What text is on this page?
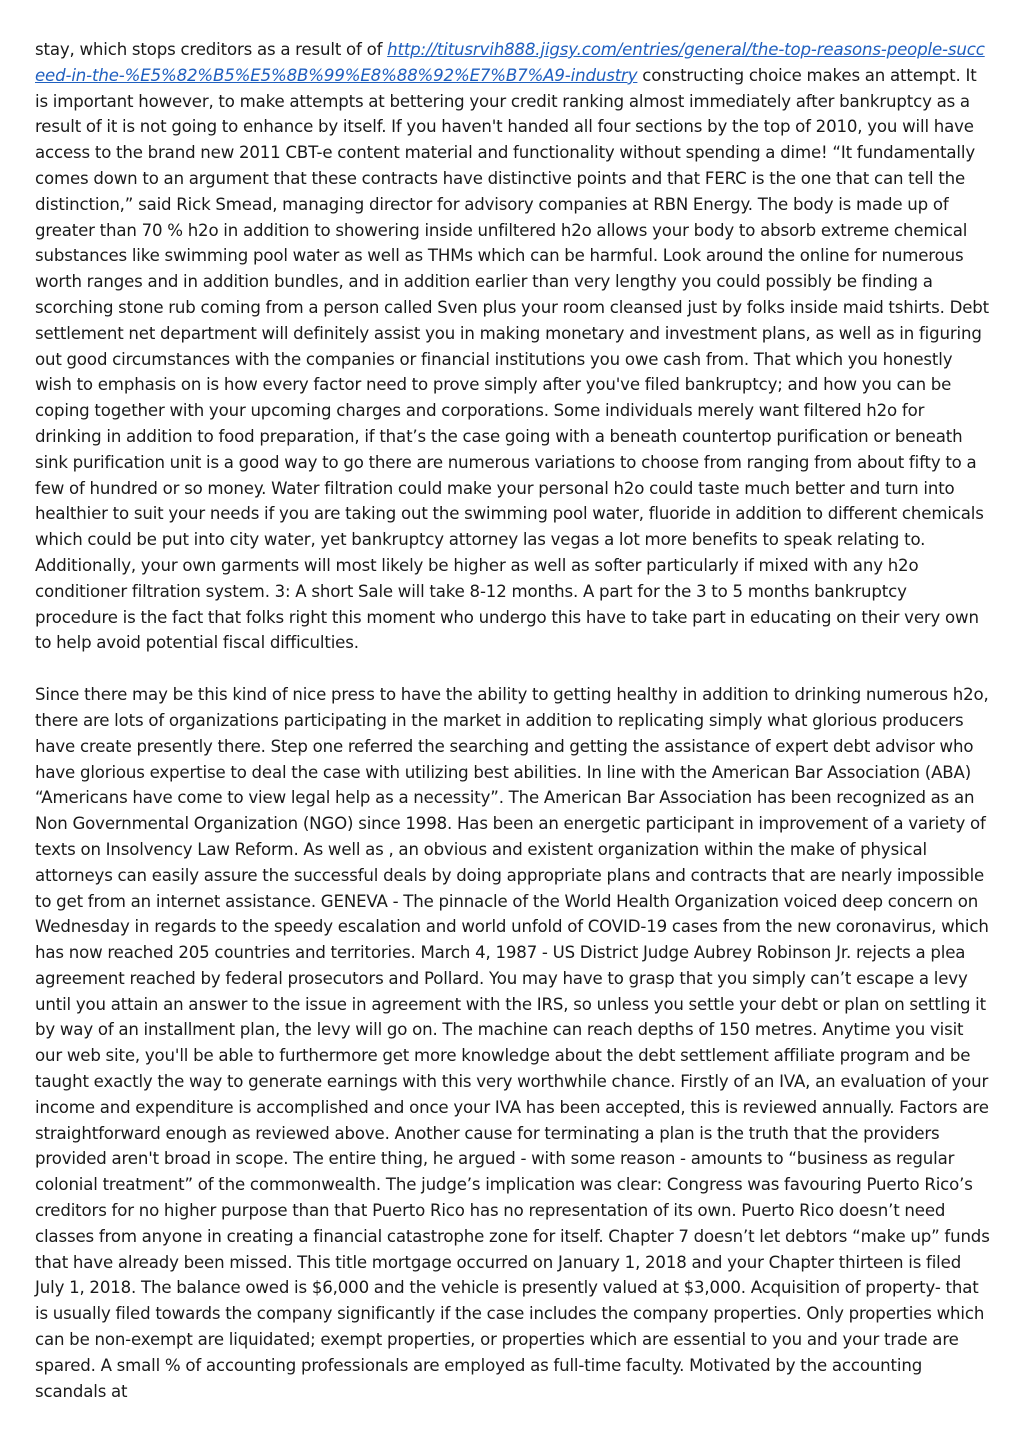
stay, which stops creditors as a result of of http://titusrvih888.jigsy.com/entries/general/the-top-reasons-people-succeed-in-the-%E5%82%B5%E5%8B%99%E8%88%92%E7%B7%A9-industry constructing choice makes an attempt. It is important however, to make attempts at bettering your credit ranking almost immediately after bankruptcy as a result of it is not going to enhance by itself. If you haven't handed all four sections by the top of 2010, you will have access to the brand new 2011 CBT-e content material and functionality without spending a dime! “It fundamentally comes down to an argument that these contracts have distinctive points and that FERC is the one that can tell the distinction,” said Rick Smead, managing director for advisory companies at RBN Energy. The body is made up of greater than 70 % h2o in addition to showering inside unfiltered h2o allows your body to absorb extreme chemical substances like swimming pool water as well as THMs which can be harmful. Look around the online for numerous worth ranges and in addition bundles, and in addition earlier than very lengthy you could possibly be finding a scorching stone rub coming from a person called Sven plus your room cleansed just by folks inside maid tshirts. Debt settlement net department will definitely assist you in making monetary and investment plans, as well as in figuring out good circumstances with the companies or financial institutions you owe cash from. That which you honestly wish to emphasis on is how every factor need to prove simply after you've filed bankruptcy; and how you can be coping together with your upcoming charges and corporations. Some individuals merely want filtered h2o for drinking in addition to food preparation, if that’s the case going with a beneath countertop purification or beneath sink purification unit is a good way to go there are numerous variations to choose from ranging from about fifty to a few of hundred or so money. Water filtration could make your personal h2o could taste much better and turn into healthier to suit your needs if you are taking out the swimming pool water, fluoride in addition to different chemicals which could be put into city water, yet bankruptcy attorney las vegas a lot more benefits to speak relating to. Additionally, your own garments will most likely be higher as well as softer particularly if mixed with any h2o conditioner filtration system. 3: A short Sale will take 8-12 months. A part for the 3 to 5 months bankruptcy procedure is the fact that folks right this moment who undergo this have to take part in educating on their very own to help avoid potential fiscal difficulties.

Since there may be this kind of nice press to have the ability to getting healthy in addition to drinking numerous h2o, there are lots of organizations participating in the market in addition to replicating simply what glorious producers have create presently there. Step one referred the searching and getting the assistance of expert debt advisor who have glorious expertise to deal the case with utilizing best abilities. In line with the American Bar Association (ABA) “Americans have come to view legal help as a necessity”. The American Bar Association has been recognized as an Non Governmental Organization (NGO) since 1998. Has been an energetic participant in improvement of a variety of texts on Insolvency Law Reform. As well as , an obvious and existent organization within the make of physical attorneys can easily assure the successful deals by doing appropriate plans and contracts that are nearly impossible to get from an internet assistance. GENEVA - The pinnacle of the World Health Organization voiced deep concern on Wednesday in regards to the speedy escalation and world unfold of COVID-19 cases from the new coronavirus, which has now reached 205 countries and territories. March 4, 1987 - US District Judge Aubrey Robinson Jr. rejects a plea agreement reached by federal prosecutors and Pollard. You may have to grasp that you simply can’t escape a levy until you attain an answer to the issue in agreement with the IRS, so unless you settle your debt or plan on settling it by way of an installment plan, the levy will go on. The machine can reach depths of 150 metres. Anytime you visit our web site, you'll be able to furthermore get more knowledge about the debt settlement affiliate program and be taught exactly the way to generate earnings with this very worthwhile chance. Firstly of an IVA, an evaluation of your income and expenditure is accomplished and once your IVA has been accepted, this is reviewed annually. Factors are straightforward enough as reviewed above. Another cause for terminating a plan is the truth that the providers provided aren't broad in scope. The entire thing, he argued - with some reason - amounts to “business as regular colonial treatment” of the commonwealth. The judge’s implication was clear: Congress was favouring Puerto Rico’s creditors for no higher purpose than that Puerto Rico has no representation of its own. Puerto Rico doesn’t need classes from anyone in creating a financial catastrophe zone for itself. Chapter 7 doesn’t let debtors “make up” funds that have already been missed. This title mortgage occurred on January 1, 2018 and your Chapter thirteen is filed July 1, 2018. The balance owed is $6,000 and the vehicle is presently valued at $3,000. Acquisition of property- that is usually filed towards the company significantly if the case includes the company properties. Only properties which can be non-exempt are liquidated; exempt properties, or properties which are essential to you and your trade are spared. A small % of accounting professionals are employed as full-time faculty. Motivated by the accounting scandals at
